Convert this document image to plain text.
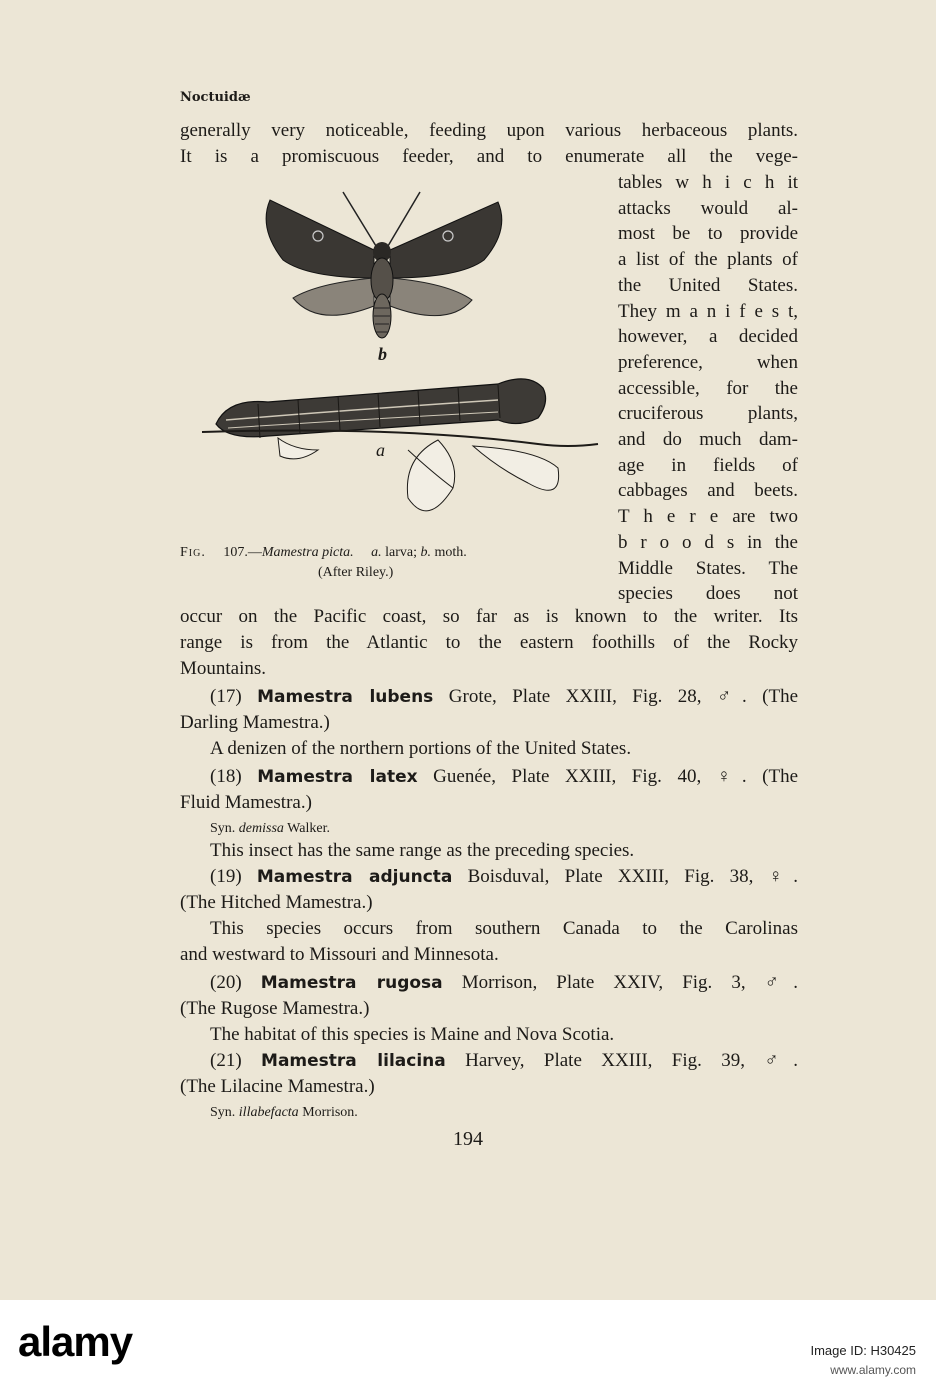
Noctuidæ
generally very noticeable, feeding upon various herbaceous plants.
It is a promiscuous feeder, and to enumerate all the vege-
tables w h i c h it
attacks would al-
most be to provide
a list of the plants of
the United States.
They m a n i f e s t,
however, a decided
preference, when
accessible, for the
cruciferous plants,
and do much dam-
age in fields of
cabbages and beets.
T h e r e are two
b r o o d s in the
Middle States. The
species does not
b
a
Fig. 107.—Mamestra picta. a. larva; b. moth.
(After Riley.)
occur on the Pacific coast, so far as is known to the writer. Its
range is from the Atlantic to the eastern foothills of the Rocky
Mountains.
(17) Mamestra lubens Grote, Plate XXIII, Fig. 28, ♂. (The
Darling Mamestra.)
A denizen of the northern portions of the United States.
(18) Mamestra latex Guenée, Plate XXIII, Fig. 40, ♀. (The
Fluid Mamestra.)
Syn. demissa Walker.
This insect has the same range as the preceding species.
(19) Mamestra adjuncta Boisduval, Plate XXIII, Fig. 38, ♀.
(The Hitched Mamestra.)
This species occurs from southern Canada to the Carolinas
and westward to Missouri and Minnesota.
(20) Mamestra rugosa Morrison, Plate XXIV, Fig. 3, ♂.
(The Rugose Mamestra.)
The habitat of this species is Maine and Nova Scotia.
(21) Mamestra lilacina Harvey, Plate XXIII, Fig. 39, ♂.
(The Lilacine Mamestra.)
Syn. illabefacta Morrison.
194
alamy	Image ID: H30425
www.alamy.com
